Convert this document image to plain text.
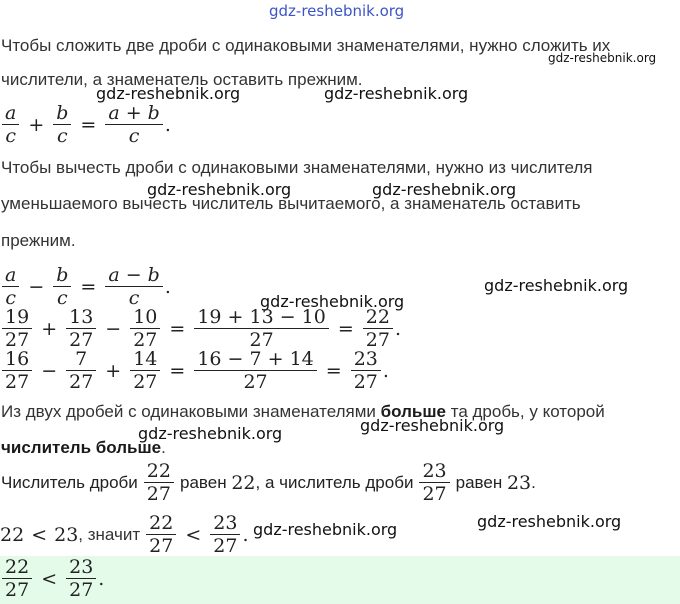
gdz-reshebnik.org
gdz-reshebnik.org
gdz-reshebnik.org	gdz-reshebnik.org
gdz-reshebnik.org	gdz-reshebnik.org
gdz-reshebnik.org
gdz-reshebnik.org
gdz-reshebnik.org	gdz-reshebnik.org
gdz-reshebnik.org	gdz-reshebnik.org
Чтобы сложить две дроби с одинаковыми знаменателями, нужно сложить их
числители, а знаменатель оставить прежним.
a
c
+
b
c
=
a + b
c
.
Чтобы вычесть дроби с одинаковыми знаменателями, нужно из числителя
уменьшаемого вычесть числитель вычитаемого, а знаменатель оставить
прежним.
a
c
−
b
c
=
a − b
c
.
19
27
+
13
27
−
10
27
=
19 + 13 − 10
27
=
22
27
.
16
27
−
7
27
+
14
27
=
16 − 7 + 14
27
=
23
27
.
Из двух дробей с одинаковыми знаменателями больше та дробь, у которой
числитель больше.
Числитель дроби
22
27
равен
22 , а числитель дроби
23
27
равен
23 .
22 < 23 , значит
22
27
<
23
27
.
22
27
<
23
27
.
